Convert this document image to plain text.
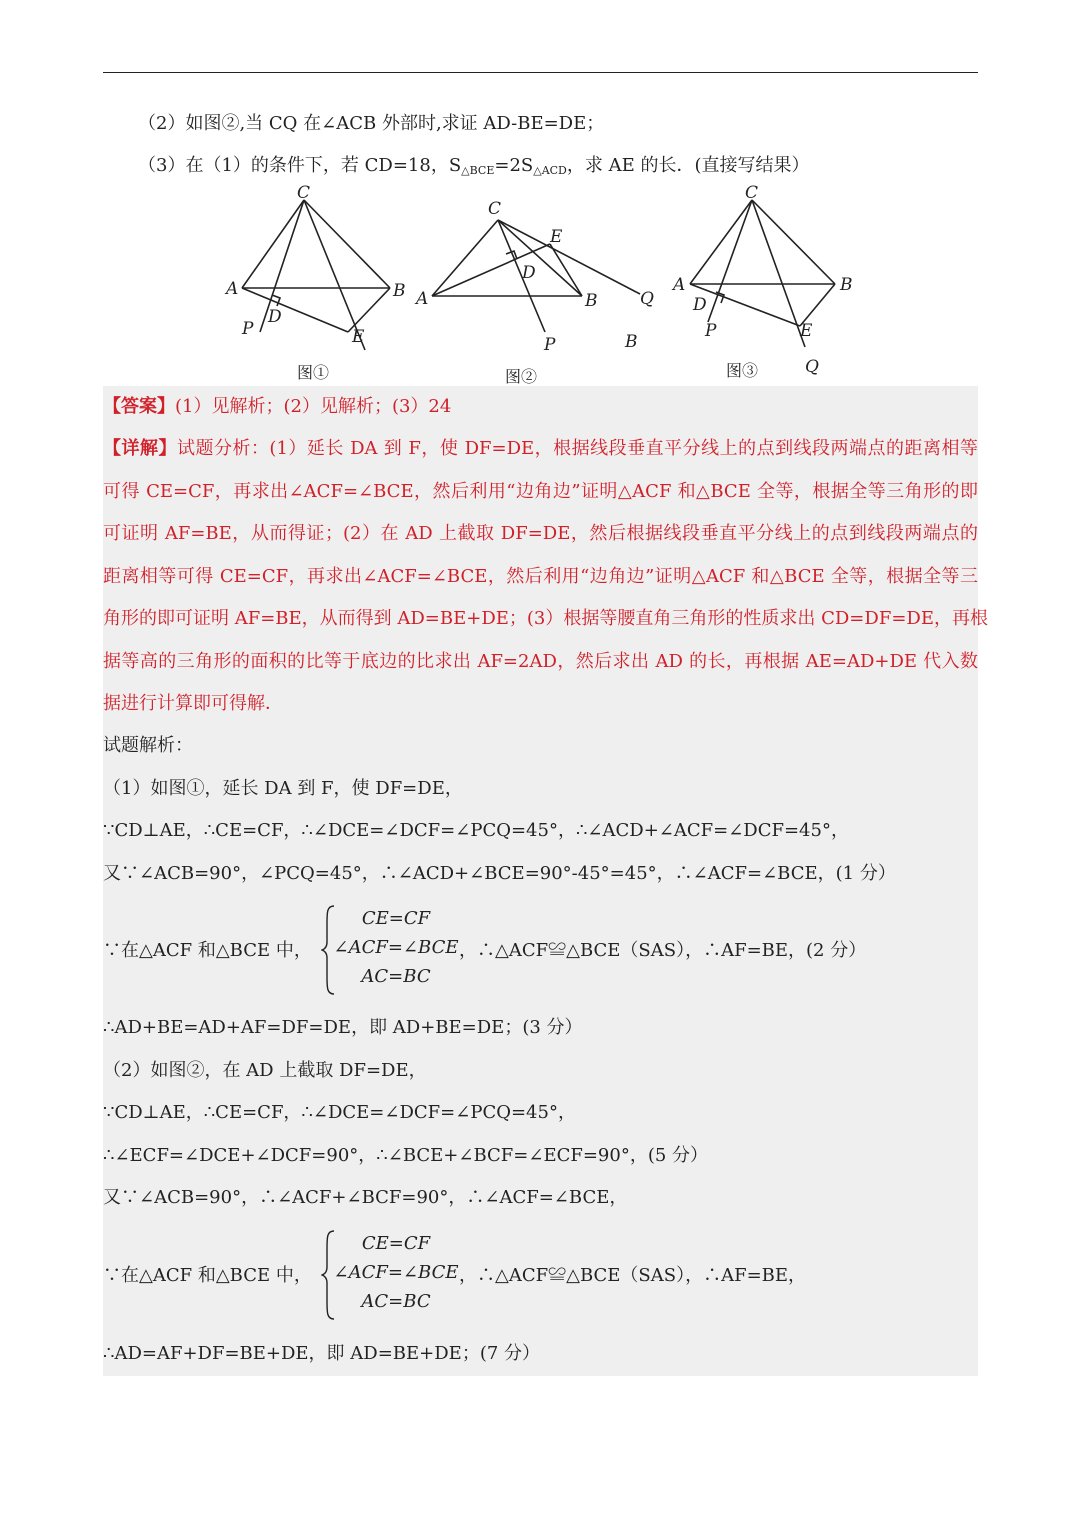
（2）如图②,当 CQ 在∠ACB 外部时,求证 AD-BE=DE；
（3）在（1）的条件下，若 CD=18，$S_{\triangle BCE}=2S_{\triangle ACD}$，求 AE 的长．(直接写结果）
C
A	B
P
D
E
图①
C
E
D
A	B	Q
P	B
图②
C
A	B
D
P	E
Q
图③
【答案】(1）见解析；(2）见解析；(3）24
【详解】试题分析：(1）延长 DA 到 F，使 DF=DE，根据线段垂直平分线上的点到线段两端点的距离相等
可得 CE=CF，再求出∠ACF=∠BCE，然后利用“边角边”证明△ACF 和△BCE 全等，根据全等三角形的即
可证明 AF=BE，从而得证；(2）在 AD 上截取 DF=DE，然后根据线段垂直平分线上的点到线段两端点的
距离相等可得 CE=CF，再求出∠ACF=∠BCE，然后利用“边角边”证明△ACF 和△BCE 全等，根据全等三
角形的即可证明 AF=BE，从而得到 AD=BE+DE；(3）根据等腰直角三角形的性质求出 CD=DF=DE，再根
据等高的三角形的面积的比等于底边的比求出 AF=2AD，然后求出 AD 的长，再根据 AE=AD+DE 代入数
据进行计算即可得解．
试题解析：
（1）如图①，延长 DA 到 F，使 DF=DE，
∵CD⊥AE，∴CE=CF，∴∠DCE=∠DCF=∠PCQ=45°，∴∠ACD+∠ACF=∠DCF=45°，
又∵∠ACB=90°，∠PCQ=45°，∴∠ACD+∠BCE=90°-45°=45°，∴∠ACF=∠BCE，(1 分）
∵在△ACF 和△BCE 中，
CE=CF
∠ACF=∠BCE
AC=BC
，∴△ACF≌△BCE（SAS），∴AF=BE，(2 分）
∴AD+BE=AD+AF=DF=DE，即 AD+BE=DE；(3 分）
（2）如图②，在 AD 上截取 DF=DE，
∵CD⊥AE，∴CE=CF，∴∠DCE=∠DCF=∠PCQ=45°，
∴∠ECF=∠DCE+∠DCF=90°，∴∠BCE+∠BCF=∠ECF=90°，(5 分）
又∵∠ACB=90°，∴∠ACF+∠BCF=90°，∴∠ACF=∠BCE，
∵在△ACF 和△BCE 中，
CE=CF
∠ACF=∠BCE
AC=BC
，∴△ACF≌△BCE（SAS），∴AF=BE，
∴AD=AF+DF=BE+DE，即 AD=BE+DE；(7 分）
